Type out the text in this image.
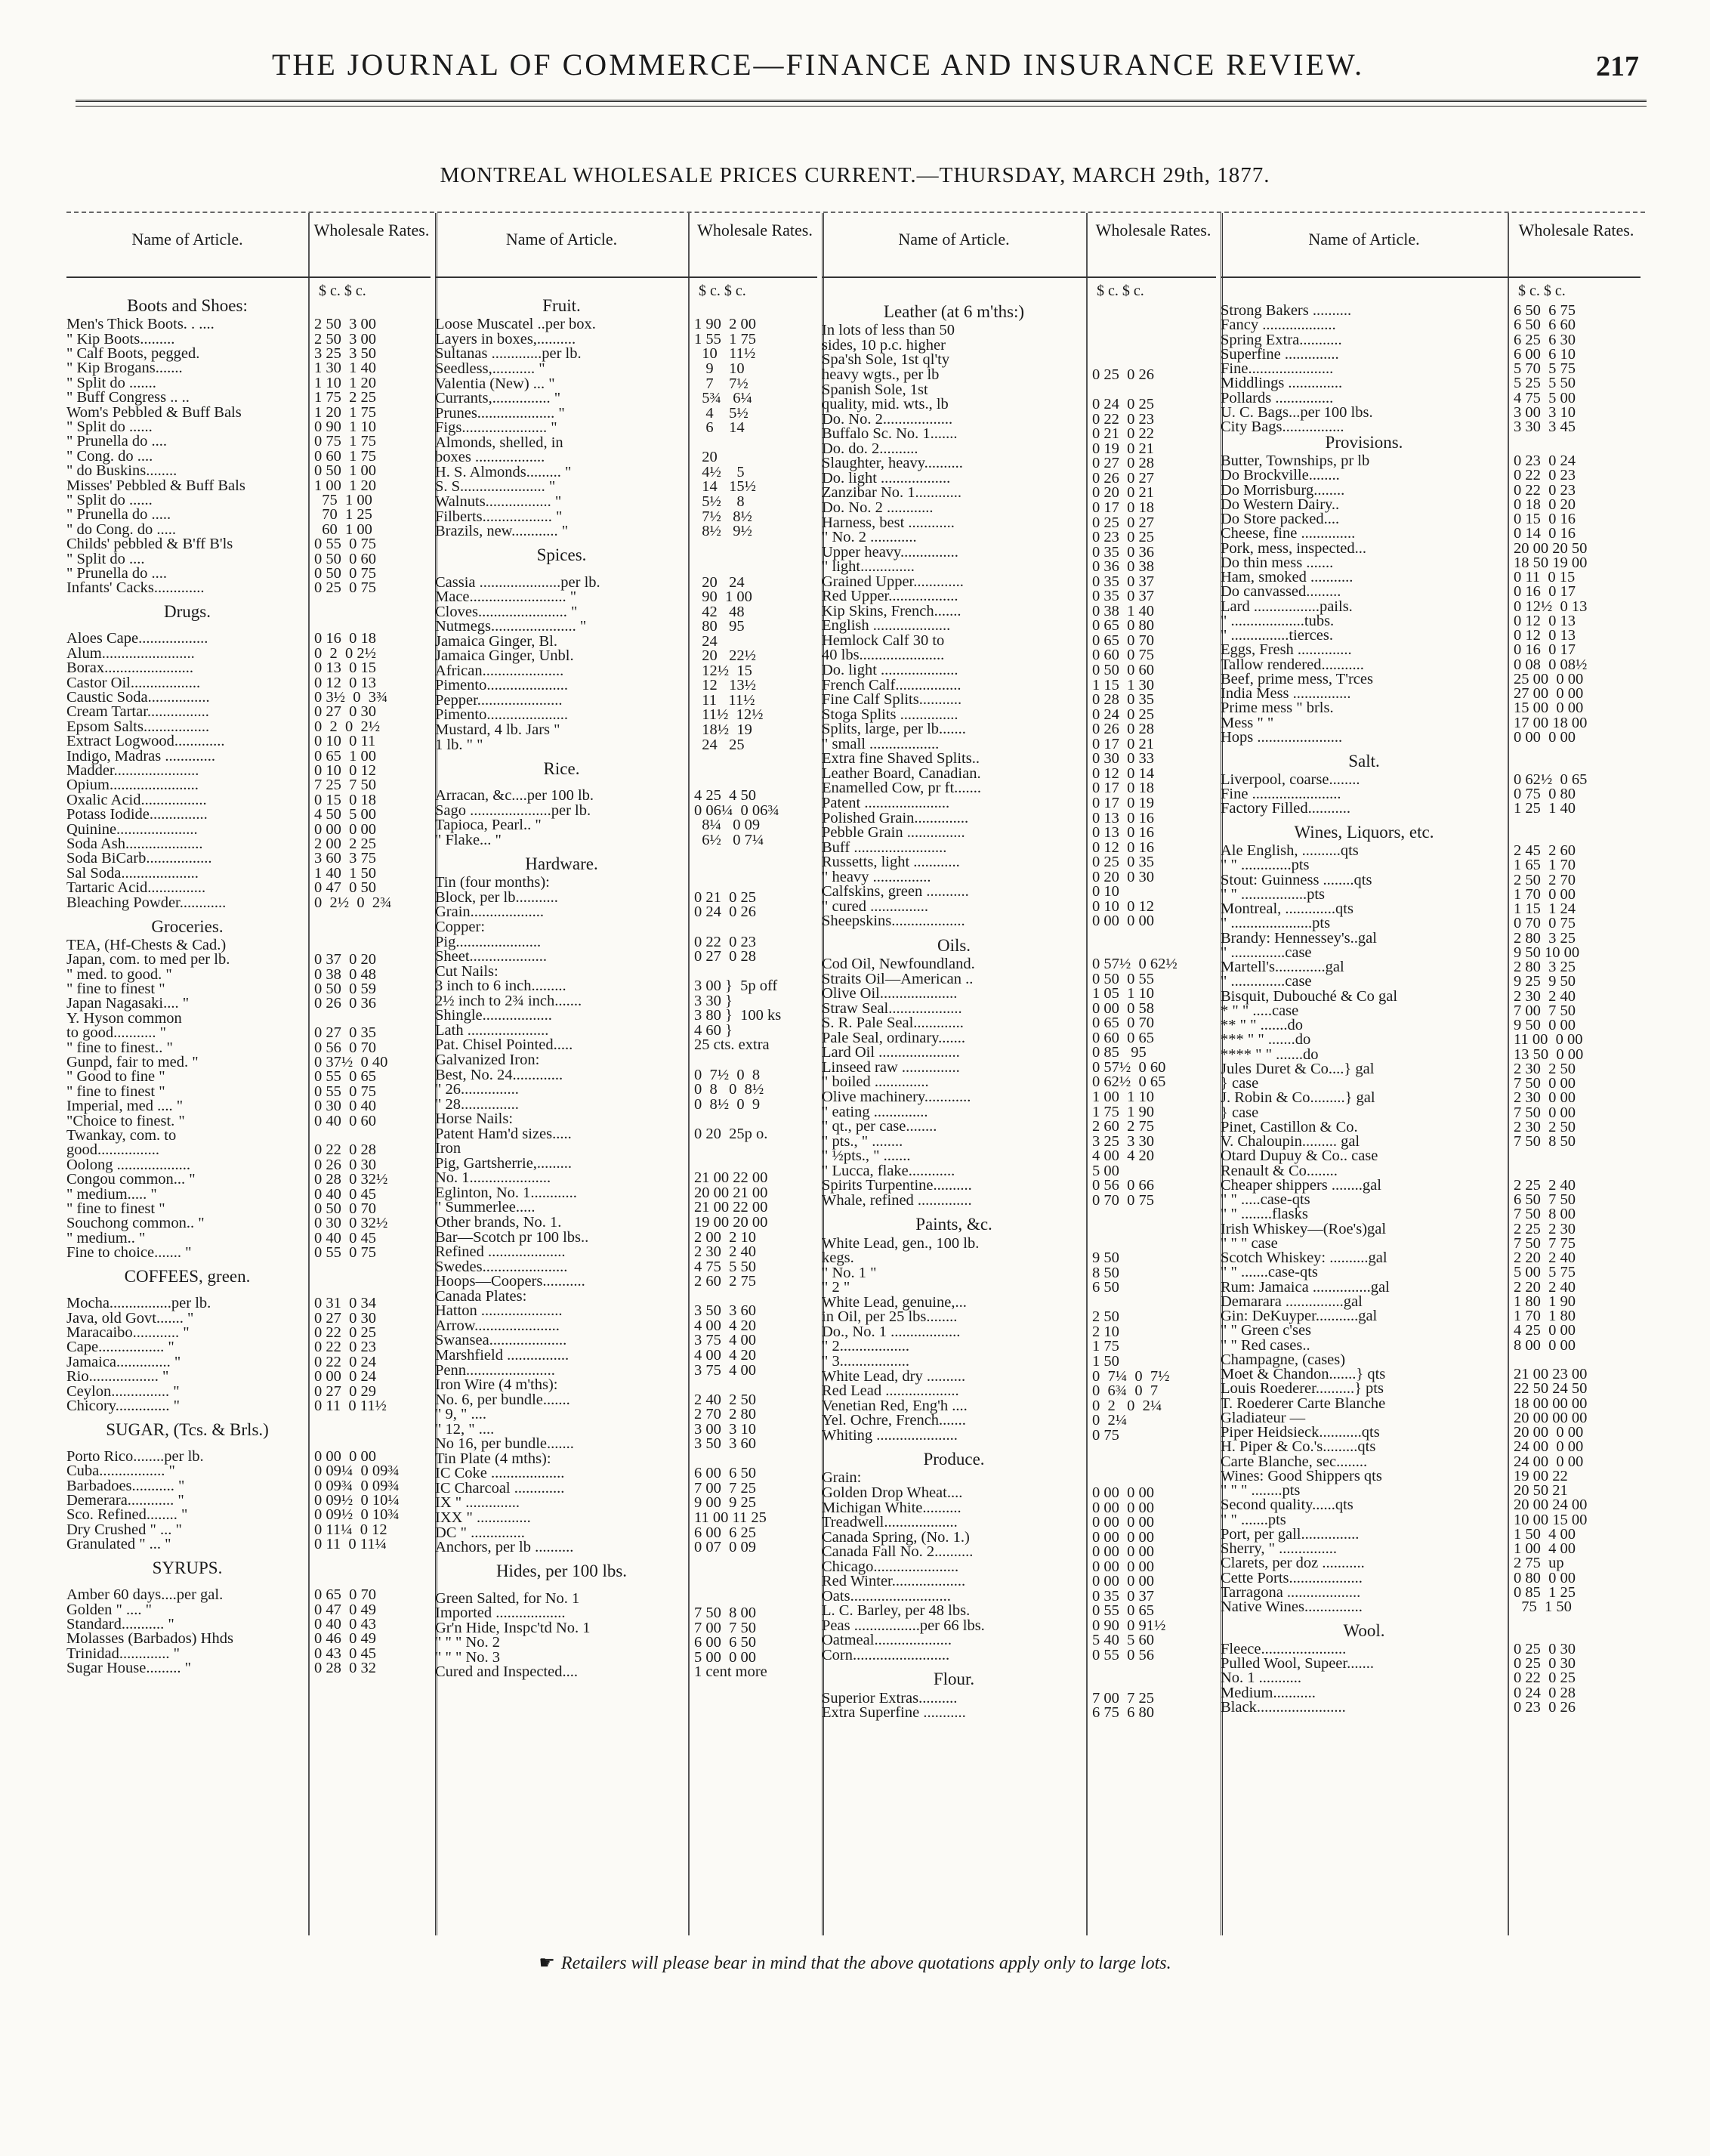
THE JOURNAL OF COMMERCE—FINANCE AND INSURANCE REVIEW.	217
MONTREAL WHOLESALE PRICES CURRENT.—THURSDAY, MARCH 29th, 1877.
Name of Article.	Wholesale Rates.
$ c. $ c.
Boots and Shoes:
Men's Thick Boots. . ....	2 50  3 00
" Kip Boots.........	2 50  3 00
" Calf Boots, pegged.	3 25  3 50
" Kip Brogans.......	1 30  1 40
" Split do .......	1 10  1 20
" Buff Congress .. ..	1 75  2 25
Wom's Pebbled & Buff Bals	1 20  1 75
" Split do ......	0 90  1 10
" Prunella do ....	0 75  1 75
" Cong. do ....	0 60  1 75
" do Buskins........	0 50  1 00
Misses' Pebbled & Buff Bals	1 00  1 20
" Split do ......	75  1 00
" Prunella do .....	70  1 25
" do Cong. do .....	60  1 00
Childs' pebbled & B'ff B'ls	0 55  0 75
" Split do ....	0 50  0 60
" Prunella do ....	0 50  0 75
Infants' Cacks.............	0 25  0 75
Drugs.
Aloes Cape..................	0 16  0 18
Alum........................	0  2  0 2½
Borax.......................	0 13  0 15
Castor Oil..................	0 12  0 13
Caustic Soda................	0 3½  0  3¾
Cream Tartar................	0 27  0 30
Epsom Salts.................	0  2  0  2½
Extract Logwood.............	0 10  0 11
Indigo, Madras .............	0 65  1 00
Madder......................	0 10  0 12
Opium.......................	7 25  7 50
Oxalic Acid.................	0 15  0 18
Potass Iodide...............	4 50  5 00
Quinine.....................	0 00  0 00
Soda Ash....................	2 00  2 25
Soda BiCarb.................	3 60  3 75
Sal Soda....................	1 40  1 50
Tartaric Acid...............	0 47  0 50
Bleaching Powder............	0  2½  0  2¾
Groceries.
TEA, (Hf-Chests & Cad.)
Japan, com. to med per lb.	0 37  0 20
" med. to good. "	0 38  0 48
" fine to finest "	0 50  0 59
Japan Nagasaki.... "	0 26  0 36
Y. Hyson common
to good........... "	0 27  0 35
" fine to finest.. "	0 56  0 70
Gunpd, fair to med. "	0 37½  0 40
" Good to fine "	0 55  0 65
" fine to finest "	0 55  0 75
Imperial, med .... "	0 30  0 40
"Choice to finest. "	0 40  0 60
Twankay, com. to
good................	0 22  0 28
Oolong ...................	0 26  0 30
Congou common... "	0 28  0 32½
" medium..... "	0 40  0 45
" fine to finest "	0 50  0 70
Souchong common.. "	0 30  0 32½
" medium.. "	0 40  0 45
Fine to choice....... "	0 55  0 75
COFFEES, green.
Mocha................per lb.	0 31  0 34
Java, old Govt....... "	0 27  0 30
Maracaibo............ "	0 22  0 25
Cape................. "	0 22  0 23
Jamaica.............. "	0 22  0 24
Rio.................. "	0 00  0 24
Ceylon............... "	0 27  0 29
Chicory.............. "	0 11  0 11½
SUGAR, (Tcs. & Brls.)
Porto Rico........per lb.	0 00  0 00
Cuba................. "	0 09¼  0 09¾
Barbadoes........... "	0 09¾  0 09¾
Demerara............ "	0 09½  0 10¼
Sco. Refined........ "	0 09½  0 10¾
Dry Crushed " ... "	0 11¼  0 12
Granulated " ... "	0 11  0 11¼
SYRUPS.
Amber 60 days....per gal.	0 65  0 70
Golden " .... "	0 47  0 49
Standard........... "	0 40  0 43
Molasses (Barbados) Hhds	0 46  0 49
Trinidad............. "	0 43  0 45
Sugar House......... "	0 28  0 32
Name of Article.	Wholesale Rates.
$ c. $ c.
Fruit.
Loose Muscatel ..per box.	1 90  2 00
Layers in boxes,..........	1 55  1 75
Sultanas .............per lb.	10   11½
Seedless,........... "	9    10
Valentia (New) ... "	7    7½
Currants,............... "	5¾   6¼
Prunes.................... "	4    5½
Figs...................... "	6    14
Almonds, shelled, in
boxes ..................	20
H. S. Almonds......... "	4½    5
S. S...................... "	14   15½
Walnuts................. "	5½    8
Filberts.................. "	7½   8½
Brazils, new............ "	8½   9½
Spices.
Cassia .....................per lb.	20   24
Mace......................... "	90  1 00
Cloves....................... "	42   48
Nutmegs...................... "	80   95
Jamaica Ginger, Bl.	24
Jamaica Ginger, Unbl.	20   22½
African.....................	12½  15
Pimento.....................	12   13½
Pepper......................	11   11½
Pimento.....................	11½  12½
Mustard, 4 lb. Jars "	18½  19
1 lb. " "	24   25
Rice.
Arracan, &c....per 100 lb.	4 25  4 50
Sago .....................per lb.	0 06¼  0 06¾
Tapioca, Pearl.. "	8¼   0 09
" Flake... "	6½   0 7¼
Hardware.
Tin (four months):
Block, per lb...........	0 21  0 25
Grain...................	0 24  0 26
Copper:
Pig......................	0 22  0 23
Sheet....................	0 27  0 28
Cut Nails:
3 inch to 6 inch.........	3 00 }  5p off
2½ inch to 2¾ inch.......	3 30 }
Shingle..................	3 80 }  100 ks
Lath .....................	4 60 }
Pat. Chisel Pointed.....	25 cts. extra
Galvanized Iron:
Best, No. 24.............	0  7½  0  8
" 26...............	0  8   0  8½
" 28...............	0  8½  0  9
Horse Nails:
Patent Ham'd sizes.....	0 20  25p o.
Iron
Pig, Gartsherrie,.........
No. 1.....................	21 00 22 00
Eglinton, No. 1............	20 00 21 00
" Summerlee.....	21 00 22 00
Other brands, No. 1.	19 00 20 00
Bar—Scotch pr 100 lbs..	2 00  2 10
Refined ....................	2 30  2 40
Swedes......................	4 75  5 50
Hoops—Coopers...........	2 60  2 75
Canada Plates:
Hatton .....................	3 50  3 60
Arrow......................	4 00  4 20
Swansea....................	3 75  4 00
Marshfield ................	4 00  4 20
Penn.......................	3 75  4 00
Iron Wire (4 m'ths):
No. 6, per bundle.......	2 40  2 50
" 9, " ....	2 70  2 80
" 12, " ....	3 00  3 10
No 16, per bundle.......	3 50  3 60
Tin Plate (4 mths):
IC Coke ...................	6 00  6 50
IC Charcoal .............	7 00  7 25
IX " ..............	9 00  9 25
IXX " ..............	11 00 11 25
DC " ..............	6 00  6 25
Anchors, per lb ..........	0 07  0 09
Hides, per 100 lbs.
Green Salted, for No. 1
Imported ..................	7 50  8 00
Gr'n Hide, Inspc'td No. 1	7 00  7 50
" " " No. 2	6 00  6 50
" " " No. 3	5 00  0 00
Cured and Inspected....	1 cent more
Name of Article.	Wholesale Rates.
$ c. $ c.
Leather (at 6 m'ths:)
In lots of less than 50
sides, 10 p.c. higher
Spa'sh Sole, 1st ql'ty
heavy wgts., per lb	0 25  0 26
Spanish Sole, 1st
quality, mid. wts., lb	0 24  0 25
Do. No. 2..................	0 22  0 23
Buffalo Sc. No. 1.......	0 21  0 22
Do. do. 2..........	0 19  0 21
Slaughter, heavy..........	0 27  0 28
Do. light ..................	0 26  0 27
Zanzibar No. 1............	0 20  0 21
Do. No. 2 ............	0 17  0 18
Harness, best ............	0 25  0 27
" No. 2 ............	0 23  0 25
Upper heavy...............	0 35  0 36
" light..............	0 36  0 38
Grained Upper.............	0 35  0 37
Red Upper..................	0 35  0 37
Kip Skins, French.......	0 38  1 40
English ....................	0 65  0 80
Hemlock Calf 30 to	0 65  0 70
40 lbs......................	0 60  0 75
Do. light ....................	0 50  0 60
French Calf.................	1 15  1 30
Fine Calf Splits...........	0 28  0 35
Stoga Splits ...............	0 24  0 25
Splits, large, per lb.......	0 26  0 28
" small ..................	0 17  0 21
Extra fine Shaved Splits..	0 30  0 33
Leather Board, Canadian.	0 12  0 14
Enamelled Cow, pr ft.......	0 17  0 18
Patent ......................	0 17  0 19
Polished Grain..............	0 13  0 16
Pebble Grain ...............	0 13  0 16
Buff ........................	0 12  0 16
Russetts, light ............	0 25  0 35
" heavy ...............	0 20  0 30
Calfskins, green ...........	0 10
" cured ...............	0 10  0 12
Sheepskins...................	0 00  0 00
Oils.
Cod Oil, Newfoundland.	0 57½  0 62½
Straits Oil—American ..	0 50  0 55
Olive Oil....................	1 05  1 10
Straw Seal...................	0 00  0 58
S. R. Pale Seal.............	0 65  0 70
Pale Seal, ordinary.......	0 60  0 65
Lard Oil .....................	0 85   95
Linseed raw ...............	0 57½  0 60
" boiled ..............	0 62½  0 65
Olive machinery............	1 00  1 10
" eating ..............	1 75  1 90
" qt., per case........	2 60  2 75
" pts., " ........	3 25  3 30
" ½pts., " .......	4 00  4 20
" Lucca, flake............	5 00
Spirits Turpentine..........	0 56  0 66
Whale, refined ..............	0 70  0 75
Paints, &c.
White Lead, gen., 100 lb.
kegs.	9 50
" No. 1 "	8 50
" 2 "	6 50
White Lead, genuine,...
in Oil, per 25 lbs........	2 50
Do., No. 1 ..................	2 10
" 2..................	1 75
" 3..................	1 50
White Lead, dry ..........	0  7¼  0  7½
Red Lead ...................	0  6¾  0  7
Venetian Red, Eng'h ....	0  2   0  2¼
Yel. Ochre, French.......	0  2¼
Whiting .....................	0 75
Produce.
Grain:
Golden Drop Wheat....	0 00  0 00
Michigan White..........	0 00  0 00
Treadwell...................	0 00  0 00
Canada Spring, (No. 1.)	0 00  0 00
Canada Fall No. 2..........	0 00  0 00
Chicago......................	0 00  0 00
Red Winter...................	0 00  0 00
Oats..........................	0 35  0 37
L. C. Barley, per 48 lbs.	0 55  0 65
Peas .................per 66 lbs.	0 90  0 91½
Oatmeal....................	5 40  5 60
Corn.........................	0 55  0 56
Flour.
Superior Extras..........	7 00  7 25
Extra Superfine ...........	6 75  6 80
Name of Article.	Wholesale Rates.
$ c. $ c.
Strong Bakers ..........	6 50  6 75
Fancy ...................	6 50  6 60
Spring Extra...........	6 25  6 30
Superfine ..............	6 00  6 10
Fine......................	5 70  5 75
Middlings ..............	5 25  5 50
Pollards ...............	4 75  5 00
U. C. Bags...per 100 lbs.	3 00  3 10
City Bags................	3 30  3 45
Provisions.
Butter, Townships, pr lb	0 23  0 24
Do Brockville........	0 22  0 23
Do Morrisburg........	0 22  0 23
Do Western Dairy..	0 18  0 20
Do Store packed....	0 15  0 16
Cheese, fine ..............	0 14  0 16
Pork, mess, inspected...	20 00 20 50
Do thin mess .......	18 50 19 00
Ham, smoked ...........	0 11  0 15
Do canvassed.........	0 16  0 17
Lard .................pails.	0 12½  0 13
" ...................tubs.	0 12  0 13
" ...............tierces.	0 12  0 13
Eggs, Fresh ..............	0 16  0 17
Tallow rendered...........	0 08  0 08½
Beef, prime mess, T'rces	25 00  0 00
India Mess ...............	27 00  0 00
Prime mess " brls.	15 00  0 00
Mess " "	17 00 18 00
Hops ......................	0 00  0 00
Salt.
Liverpool, coarse........	0 62½  0 65
Fine .......................	0 75  0 80
Factory Filled...........	1 25  1 40
Wines, Liquors, etc.
Ale English, ..........qts	2 45  2 60
" " .............pts	1 65  1 70
Stout: Guinness ........qts	2 50  2 70
" " .................pts	1 70  0 00
Montreal, .............qts	1 15  1 24
" .....................pts	0 70  0 75
Brandy: Hennessey's..gal	2 80  3 25
" ..............case	9 50 10 00
Martell's.............gal	2 80  3 25
" ..............case	9 25  9 50
Bisquit, Dubouché & Co gal	2 30  2 40
* " " .....case	7 00  7 50
** " " .......do	9 50  0 00
*** " " .......do	11 00  0 00
**** " " .......do	13 50  0 00
Jules Duret & Co....} gal	2 30  2 50
} case	7 50  0 00
J. Robin & Co.........} gal	2 30  0 00
} case	7 50  0 00
Pinet, Castillon & Co.	2 30  2 50
V. Chaloupin......... gal	7 50  8 50
Otard Dupuy & Co.. case
Renault & Co........
Cheaper shippers ........gal	2 25  2 40
" " .....case-qts	6 50  7 50
" " ........flasks	7 50  8 00
Irish Whiskey—(Roe's)gal	2 25  2 30
" " " case	7 50  7 75
Scotch Whiskey: ..........gal	2 20  2 40
" " .......case-qts	5 00  5 75
Rum: Jamaica ...............gal	2 20  2 40
Demarara ...............gal	1 80  1 90
Gin: DeKuyper...........gal	1 70  1 80
" " Green c'ses	4 25  0 00
" " Red cases..	8 00  0 00
Champagne, (cases)
Moet & Chandon.......} qts	21 00 23 00
Louis Roederer..........} pts	22 50 24 50
T. Roederer Carte Blanche	18 00 00 00
Gladiateur —	20 00 00 00
Piper Heidsieck...........qts	20 00  0 00
H. Piper & Co.'s.........qts	24 00  0 00
Carte Blanche, sec........	24 00  0 00
Wines: Good Shippers qts	19 00 22
" " " ........pts	20 50 21
Second quality......qts	20 00 24 00
" " .......pts	10 00 15 00
Port, per gall...............	1 50  4 00
Sherry, " ...............	1 00  4 00
Clarets, per doz ...........	2 75  up
Cette Ports...................	0 80  0 00
Tarragona ...................	0 85  1 25
Native Wines...............	75  1 50
Wool.
Fleece......................	0 25  0 30
Pulled Wool, Supeer.......	0 25  0 30
No. 1 ...........	0 22  0 25
Medium...........	0 24  0 28
Black.......................	0 23  0 26
☛ Retailers will please bear in mind that the above quotations apply only to large lots.
